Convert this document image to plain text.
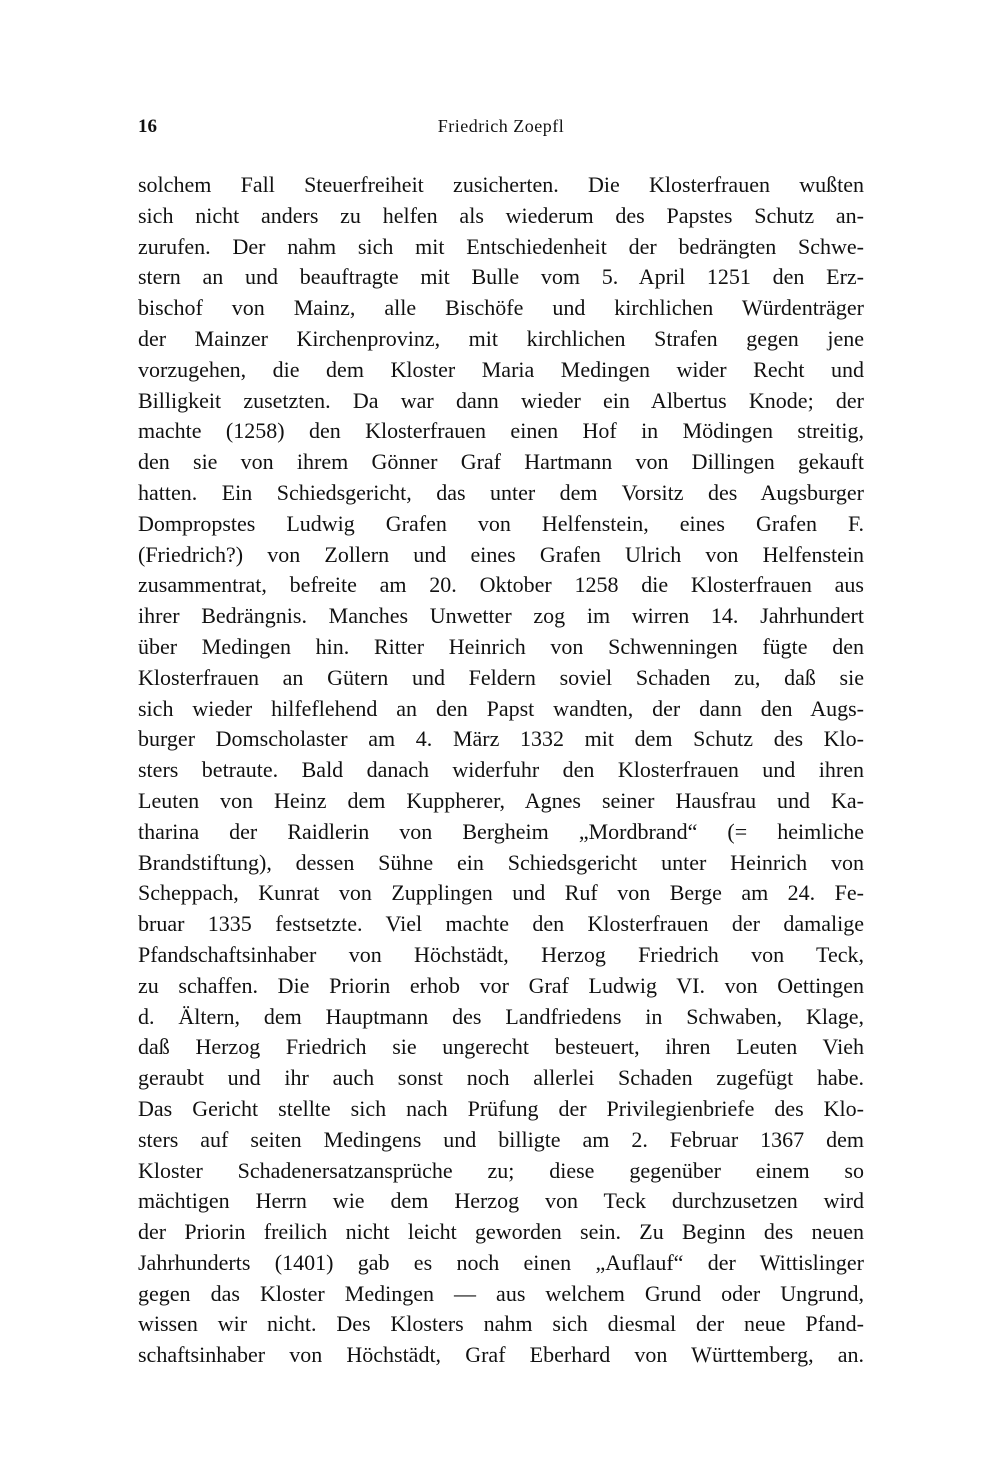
16	Friedrich Zoepfl
solchem Fall Steuerfreiheit zusicherten. Die Klosterfrauen wußten
sich nicht anders zu helfen als wiederum des Papstes Schutz an-
zurufen. Der nahm sich mit Entschiedenheit der bedrängten Schwe-
stern an und beauftragte mit Bulle vom 5. April 1251 den Erz-
bischof von Mainz, alle Bischöfe und kirchlichen Würdenträger
der Mainzer Kirchenprovinz, mit kirchlichen Strafen gegen jene
vorzugehen, die dem Kloster Maria Medingen wider Recht und
Billigkeit zusetzten. Da war dann wieder ein Albertus Knode; der
machte (1258) den Klosterfrauen einen Hof in Mödingen streitig,
den sie von ihrem Gönner Graf Hartmann von Dillingen gekauft
hatten. Ein Schiedsgericht, das unter dem Vorsitz des Augsburger
Dompropstes Ludwig Grafen von Helfenstein, eines Grafen F.
(Friedrich?) von Zollern und eines Grafen Ulrich von Helfenstein
zusammentrat, befreite am 20. Oktober 1258 die Klosterfrauen aus
ihrer Bedrängnis. Manches Unwetter zog im wirren 14. Jahrhundert
über Medingen hin. Ritter Heinrich von Schwenningen fügte den
Klosterfrauen an Gütern und Feldern soviel Schaden zu, daß sie
sich wieder hilfeflehend an den Papst wandten, der dann den Augs-
burger Domscholaster am 4. März 1332 mit dem Schutz des Klo-
sters betraute. Bald danach widerfuhr den Klosterfrauen und ihren
Leuten von Heinz dem Kuppherer, Agnes seiner Hausfrau und Ka-
tharina der Raidlerin von Bergheim „Mordbrand“ (= heimliche
Brandstiftung), dessen Sühne ein Schiedsgericht unter Heinrich von
Scheppach, Kunrat von Zupplingen und Ruf von Berge am 24. Fe-
bruar 1335 festsetzte. Viel machte den Klosterfrauen der damalige
Pfandschaftsinhaber von Höchstädt, Herzog Friedrich von Teck,
zu schaffen. Die Priorin erhob vor Graf Ludwig VI. von Oettingen
d. Ältern, dem Hauptmann des Landfriedens in Schwaben, Klage,
daß Herzog Friedrich sie ungerecht besteuert, ihren Leuten Vieh
geraubt und ihr auch sonst noch allerlei Schaden zugefügt habe.
Das Gericht stellte sich nach Prüfung der Privilegienbriefe des Klo-
sters auf seiten Medingens und billigte am 2. Februar 1367 dem
Kloster Schadenersatzansprüche zu; diese gegenüber einem so
mächtigen Herrn wie dem Herzog von Teck durchzusetzen wird
der Priorin freilich nicht leicht geworden sein. Zu Beginn des neuen
Jahrhunderts (1401) gab es noch einen „Auflauf“ der Wittislinger
gegen das Kloster Medingen — aus welchem Grund oder Ungrund,
wissen wir nicht. Des Klosters nahm sich diesmal der neue Pfand-
schaftsinhaber von Höchstädt, Graf Eberhard von Württemberg, an.
